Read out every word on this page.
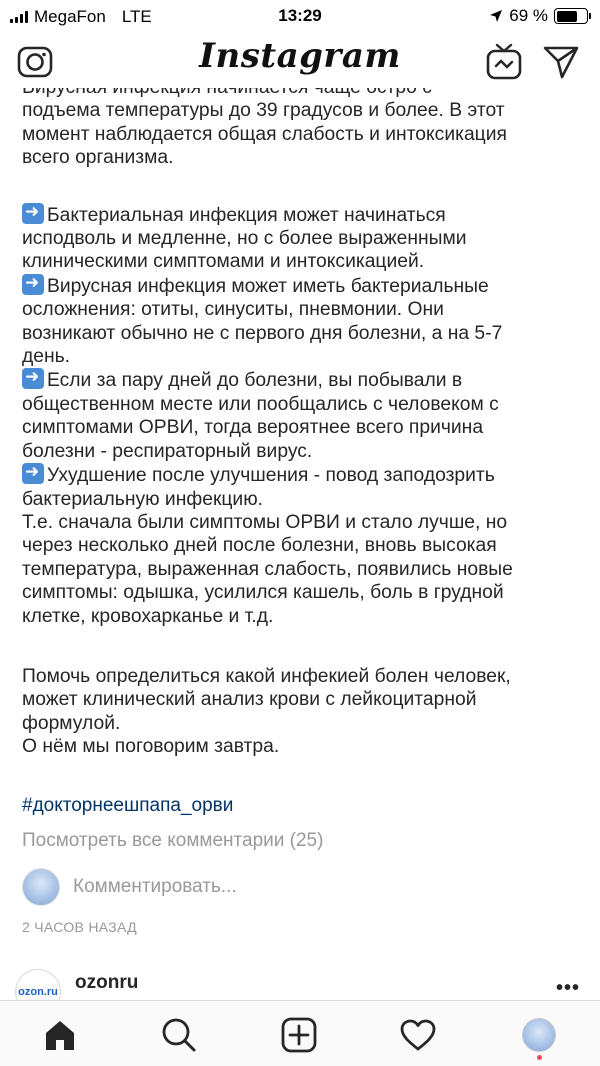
MegaFon LTE	13:29	69 %
Instagram
подъема температуры до 39 градусов и более. В этот
момент наблюдается общая слабость и интоксикация
всего организма.
➜Бактериальная инфекция может начинаться
исподволь и медленне, но с более выраженными
клиническими симптомами и интоксикацией.
➜Вирусная инфекция может иметь бактериальные
осложнения: отиты, синуситы, пневмонии. Они
возникают обычно не с первого дня болезни, а на 5-7
день.
➜Если за пару дней до болезни, вы побывали в
общественном месте или пообщались с человеком с
симптомами ОРВИ, тогда вероятнее всего причина
болезни - респираторный вирус.
➜Ухудшение после улучшения - повод заподозрить
бактериальную инфекцию.
Т.е. сначала были симптомы ОРВИ и стало лучше, но
через несколько дней после болезни, вновь высокая
температура, выраженная слабость, появились новые
симптомы: одышка, усилился кашель, боль в грудной
клетке, кровохарканье и т.д.
Помочь определиться какой инфекией болен человек,
может клинический анализ крови с лейкоцитарной
формулой.
О нём мы поговорим завтра.
#докторнеешпапа_орви
Посмотреть все комментарии (25)
Комментировать...
2 ЧАСОВ НАЗАД
ozon.ru ozonru	•••
